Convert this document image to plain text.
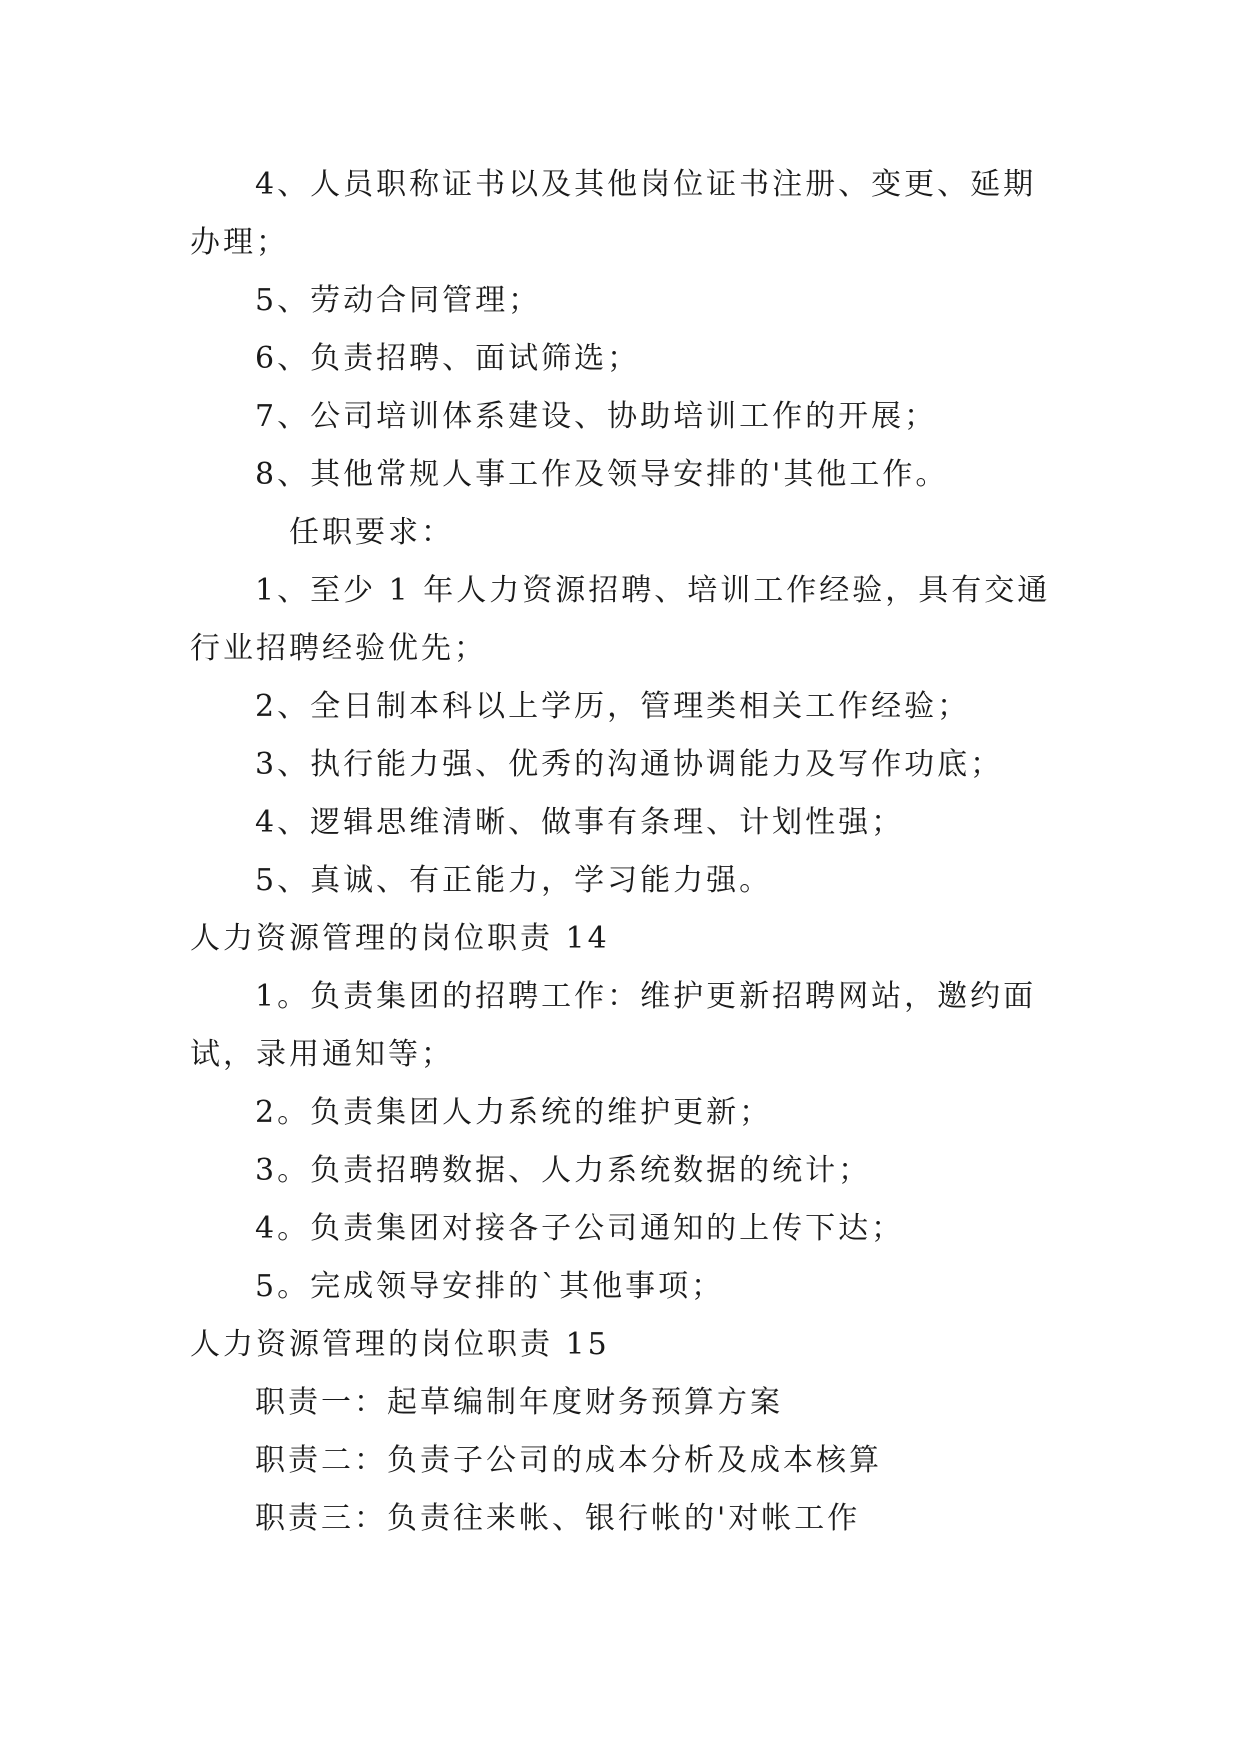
4、人员职称证书以及其他岗位证书注册、变更、延期
办理；
5、劳动合同管理；
6、负责招聘、面试筛选；
7、公司培训体系建设、协助培训工作的开展；
8、其他常规人事工作及领导安排的'其他工作。
任职要求：
1、至少 1 年人力资源招聘、培训工作经验，具有交通
行业招聘经验优先；
2、全日制本科以上学历，管理类相关工作经验；
3、执行能力强、优秀的沟通协调能力及写作功底；
4、逻辑思维清晰、做事有条理、计划性强；
5、真诚、有正能力，学习能力强。
人力资源管理的岗位职责 14
1。负责集团的招聘工作：维护更新招聘网站，邀约面
试，录用通知等；
2。负责集团人力系统的维护更新；
3。负责招聘数据、人力系统数据的统计；
4。负责集团对接各子公司通知的上传下达；
5。完成领导安排的`其他事项；
人力资源管理的岗位职责 15
职责一：起草编制年度财务预算方案
职责二：负责子公司的成本分析及成本核算
职责三：负责往来帐、银行帐的'对帐工作
